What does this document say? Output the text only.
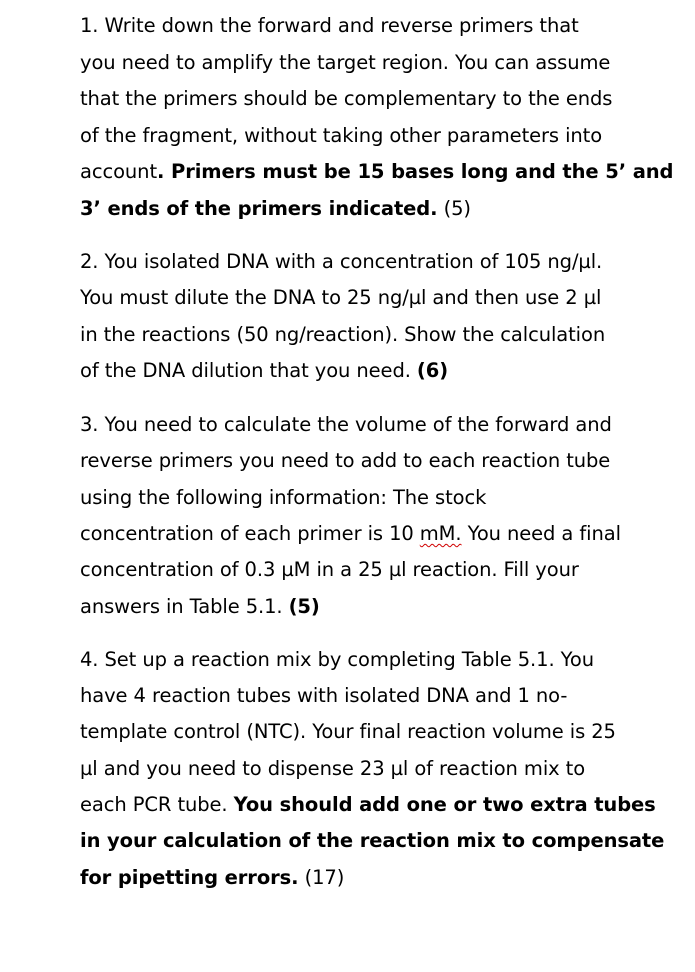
1. Write down the forward and reverse primers that
you need to amplify the target region. You can assume
that the primers should be complementary to the ends
of the fragment, without taking other parameters into
account. Primers must be 15 bases long and the 5’ and
3’ ends of the primers indicated. (5)
2. You isolated DNA with a concentration of 105 ng/µl.
You must dilute the DNA to 25 ng/µl and then use 2 µl
in the reactions (50 ng/reaction). Show the calculation
of the DNA dilution that you need. (6)
3. You need to calculate the volume of the forward and
reverse primers you need to add to each reaction tube
using the following information: The stock
concentration of each primer is 10 mM. You need a final
concentration of 0.3 µM in a 25 µl reaction. Fill your
answers in Table 5.1. (5)
4. Set up a reaction mix by completing Table 5.1. You
have 4 reaction tubes with isolated DNA and 1 no-
template control (NTC). Your final reaction volume is 25
µl and you need to dispense 23 µl of reaction mix to
each PCR tube. You should add one or two extra tubes
in your calculation of the reaction mix to compensate
for pipetting errors. (17)
